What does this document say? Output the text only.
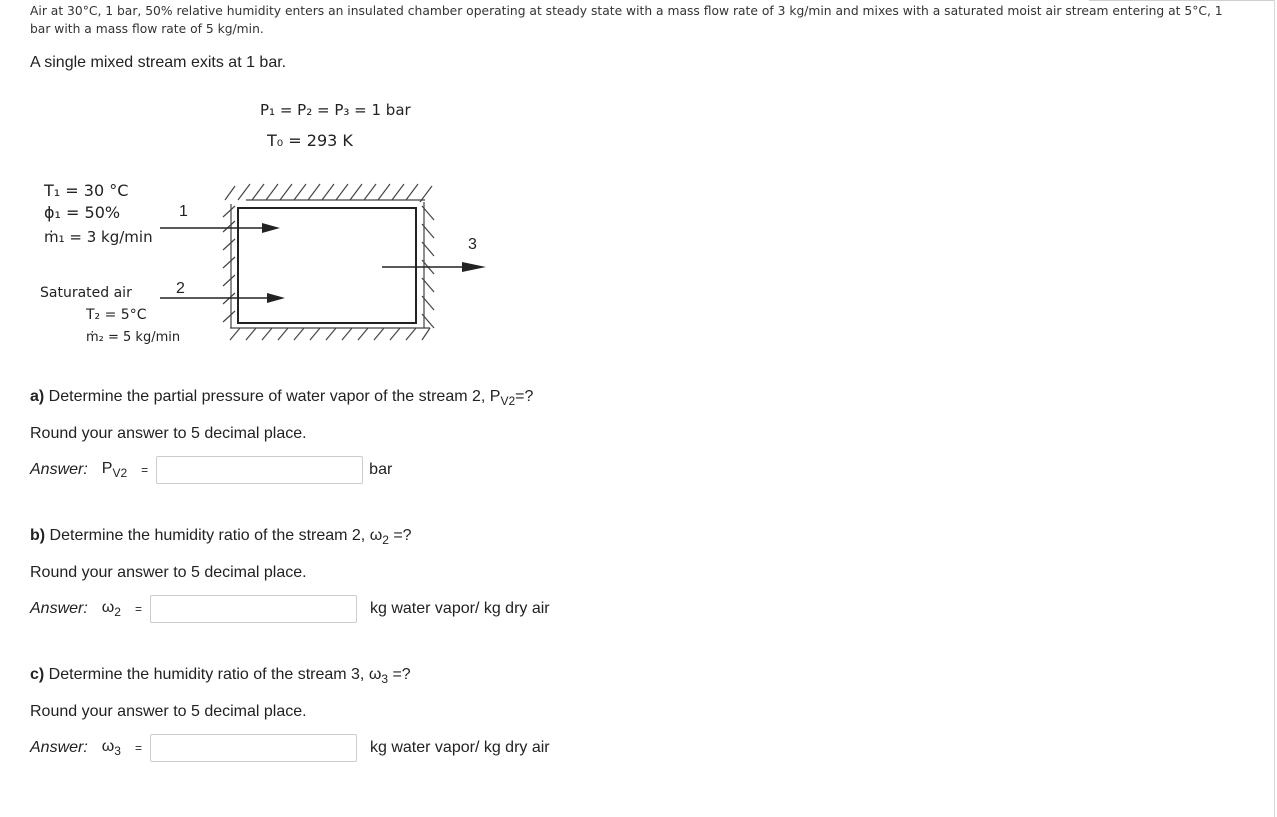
Air at 30°C, 1 bar, 50% relative humidity enters an insulated chamber operating at steady state with a mass flow rate of 3 kg/min and mixes with a saturated moist air stream entering at 5°C, 1 bar with a mass flow rate of 5 kg/min.
A single mixed stream exits at 1 bar.
P₁ = P₂ = P₃ = 1 bar
T₀ = 293 K
T₁ = 30 °C
ϕ₁ = 50%
ṁ₁ = 3 kg/min
1
Saturated air
T₂ = 5°C
ṁ₂ = 5 kg/min
2
3
a) Determine the partial pressure of water vapor of the stream 2, $P_{V2}=$?
Round your answer to 5 decimal place.
Answer: $P_{V2}$ =	bar
b) Determine the humidity ratio of the stream 2, $\omega_2$ =?
Round your answer to 5 decimal place.
Answer: $\omega_2$ =	kg water vapor/ kg dry air
c) Determine the humidity ratio of the stream 3, $\omega_3$ =?
Round your answer to 5 decimal place.
Answer: $\omega_3$ =	kg water vapor/ kg dry air
